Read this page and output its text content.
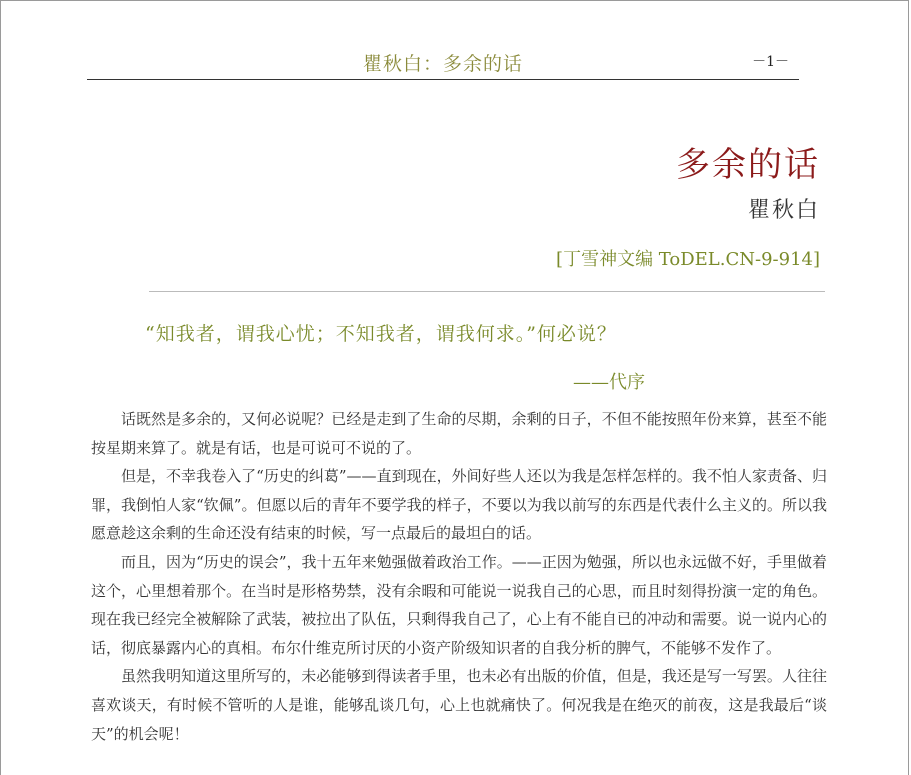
瞿秋白：多余的话	－1－
多余的话
瞿秋白
[丁雪神文编 ToDEL.CN-9-914]
“知我者，谓我心忧；不知我者，谓我何求。”何必说？
——代序

话既然是多余的，又何必说呢？已经是走到了生命的尽期，余剩的日子，不但不能按照年份来算，甚至不能按星期来算了。就是有话，也是可说可不说的了。

但是，不幸我卷入了“历史的纠葛”——直到现在，外间好些人还以为我是怎样怎样的。我不怕人家责备、归罪，我倒怕人家“钦佩”。但愿以后的青年不要学我的样子，不要以为我以前写的东西是代表什么主义的。所以我愿意趁这余剩的生命还没有结束的时候，写一点最后的最坦白的话。

而且，因为“历史的误会”，我十五年来勉强做着政治工作。——正因为勉强，所以也永远做不好，手里做着这个，心里想着那个。在当时是形格势禁，没有余暇和可能说一说我自己的心思，而且时刻得扮演一定的角色。现在我已经完全被解除了武装，被拉出了队伍，只剩得我自己了，心上有不能自已的冲动和需要。说一说内心的话，彻底暴露内心的真相。布尔什维克所讨厌的小资产阶级知识者的自我分析的脾气，不能够不发作了。

虽然我明知道这里所写的，未必能够到得读者手里，也未必有出版的价值，但是，我还是写一写罢。人往往喜欢谈天，有时候不管听的人是谁，能够乱谈几句，心上也就痛快了。何况我是在绝灭的前夜，这是我最后“谈天”的机会呢！
